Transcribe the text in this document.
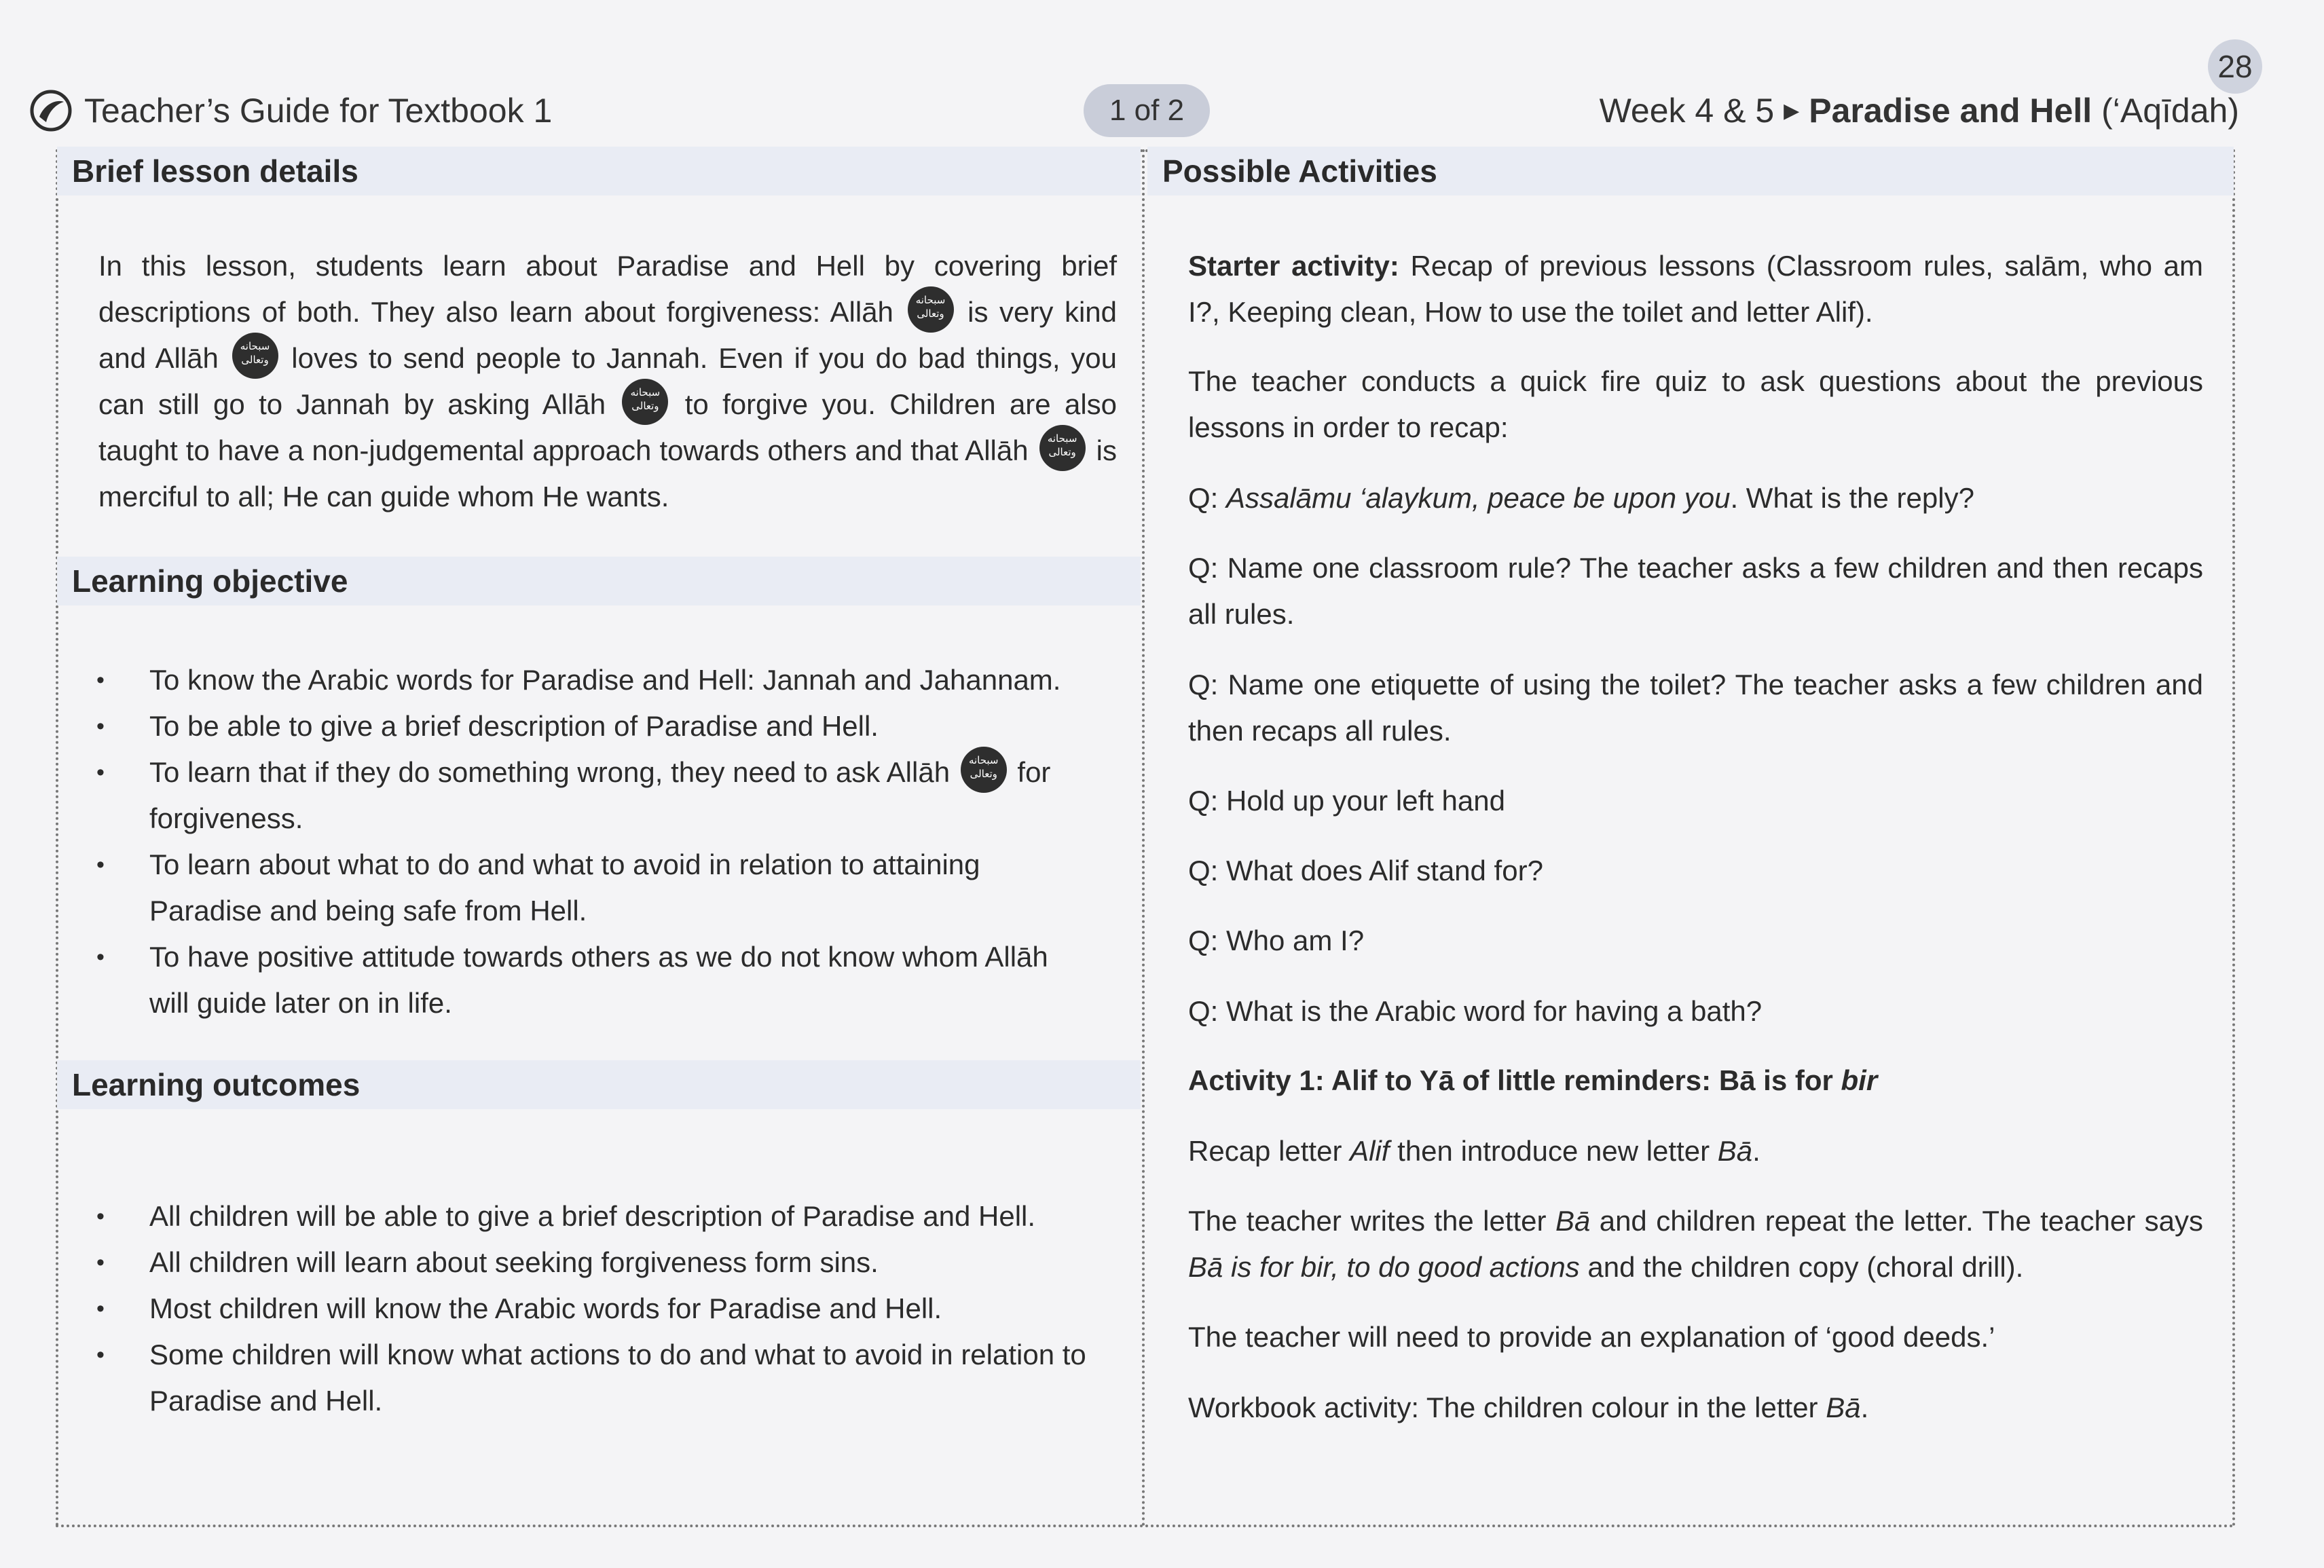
28
Teacher’s Guide for Textbook 1	1 of 2	Week 4 & 5 ▶ Paradise and Hell (‘Aqīdah)
Brief lesson details
In this lesson, students learn about Paradise and Hell by covering brief descriptions of both. They also learn about forgiveness: Allāh سبحانه
وتعالى is very kind and Allāh سبحانه
وتعالى loves to send people to Jannah. Even if you do bad things, you can still go to Jannah by asking Allāh سبحانه
وتعالى to forgive you. Children are also taught to have a non-judgemental approach towards others and that Allāh سبحانه
وتعالى is merciful to all; He can guide whom He wants.
Learning objective
• To know the Arabic words for Paradise and Hell: Jannah and Jahannam.
• To be able to give a brief description of Paradise and Hell.
• To learn that if they do something wrong, they need to ask Allāh سبحانه
وتعالى for forgiveness.
• To learn about what to do and what to avoid in relation to attaining Paradise and being safe from Hell.
• To have positive attitude towards others as we do not know whom Allāh will guide later on in life.
Learning outcomes
• All children will be able to give a brief description of Paradise and Hell.
• All children will learn about seeking forgiveness form sins.
• Most children will know the Arabic words for Paradise and Hell.
• Some children will know what actions to do and what to avoid in relation to Paradise and Hell.
Possible Activities
Starter activity: Recap of previous lessons (Classroom rules, salām, who am I?, Keeping clean, How to use the toilet and letter Alif).
The teacher conducts a quick fire quiz to ask questions about the previous lessons in order to recap:
Q: Assalāmu ‘alaykum, peace be upon you. What is the reply?
Q: Name one classroom rule? The teacher asks a few children and then recaps all rules.
Q: Name one etiquette of using the toilet? The teacher asks a few children and then recaps all rules.
Q: Hold up your left hand
Q: What does Alif stand for?
Q: Who am I?
Q: What is the Arabic word for having a bath?
Activity 1: Alif to Yā of little reminders: Bā is for bir
Recap letter Alif then introduce new letter Bā.
The teacher writes the letter Bā and children repeat the letter. The teacher says Bā is for bir, to do good actions and the children copy (choral drill).
The teacher will need to provide an explanation of ‘good deeds.’
Workbook activity: The children colour in the letter Bā.
